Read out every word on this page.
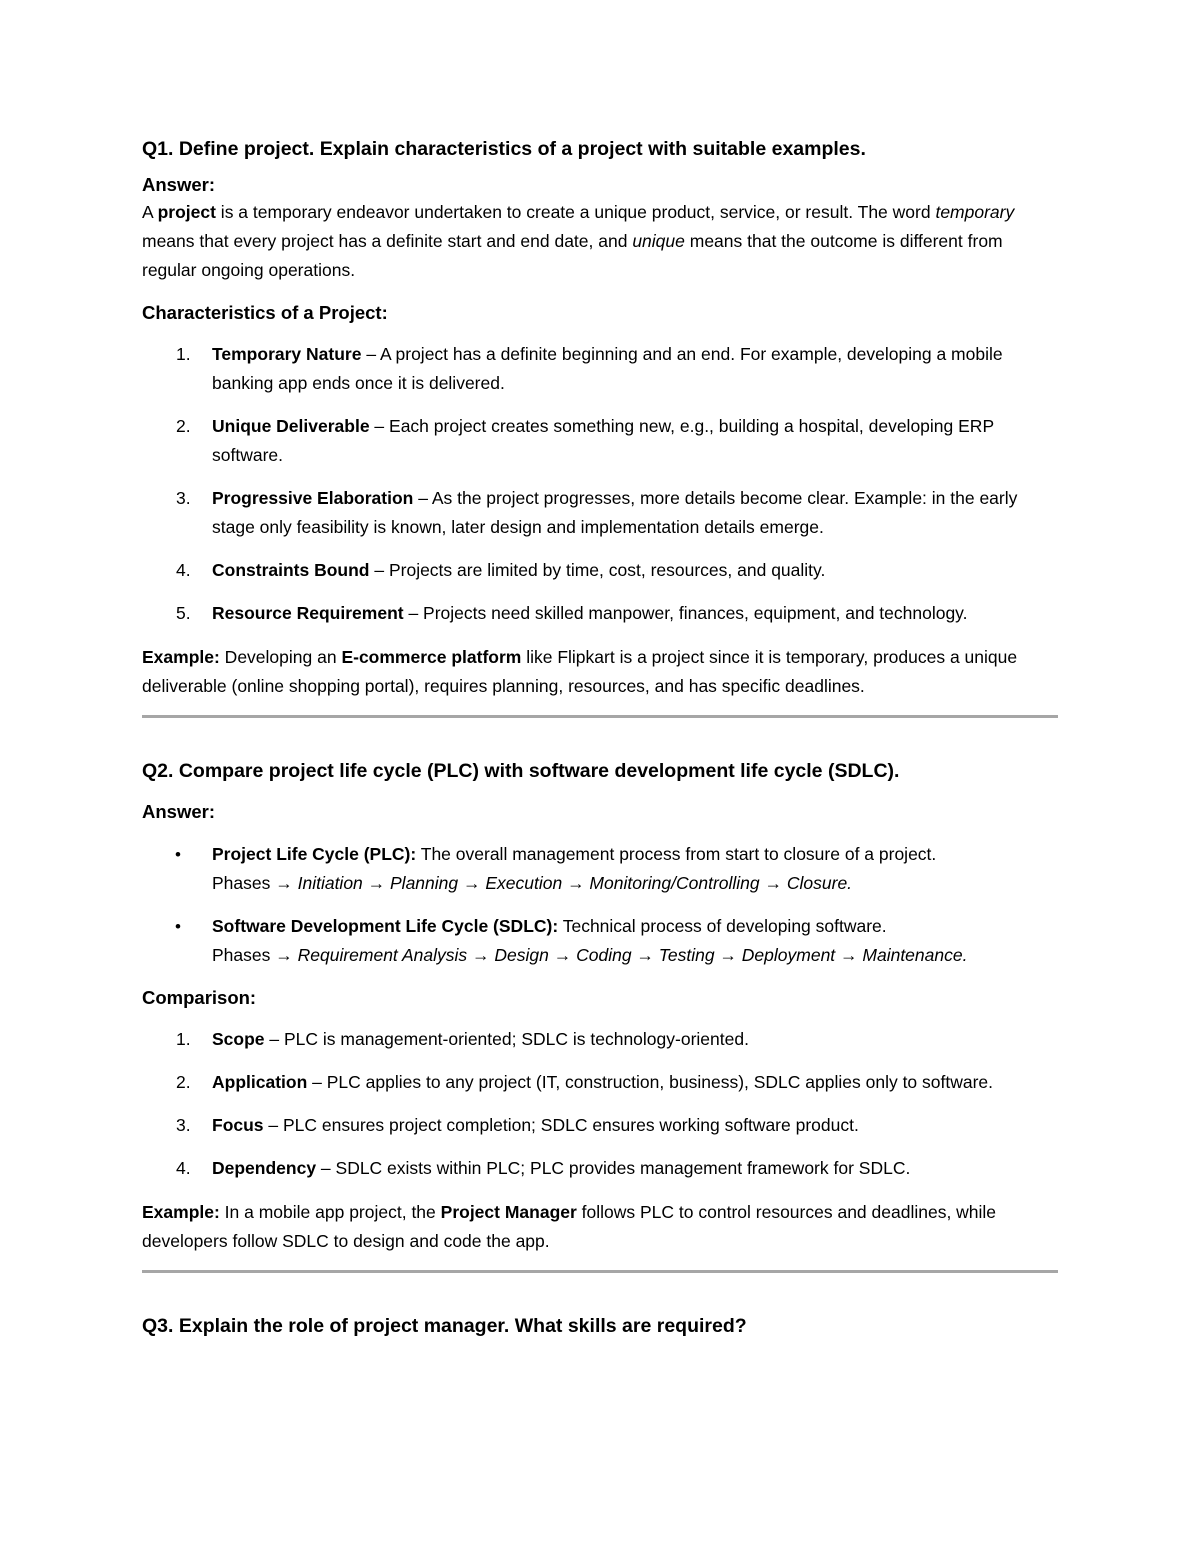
Q1. Define project. Explain characteristics of a project with suitable examples.

Answer:

A project is a temporary endeavor undertaken to create a unique product, service, or result. The word temporary means that every project has a definite start and end date, and unique means that the outcome is different from regular ongoing operations.

Characteristics of a Project:

1. Temporary Nature – A project has a definite beginning and an end. For example, developing a mobile banking app ends once it is delivered.
2. Unique Deliverable – Each project creates something new, e.g., building a hospital, developing ERP software.
3. Progressive Elaboration – As the project progresses, more details become clear. Example: in the early stage only feasibility is known, later design and implementation details emerge.
4. Constraints Bound – Projects are limited by time, cost, resources, and quality.
5. Resource Requirement – Projects need skilled manpower, finances, equipment, and technology.

Example: Developing an E-commerce platform like Flipkart is a project since it is temporary, produces a unique deliverable (online shopping portal), requires planning, resources, and has specific deadlines.

Q2. Compare project life cycle (PLC) with software development life cycle (SDLC).

Answer:

• Project Life Cycle (PLC): The overall management process from start to closure of a project.
Phases → Initiation → Planning → Execution → Monitoring/Controlling → Closure.
• Software Development Life Cycle (SDLC): Technical process of developing software.
Phases → Requirement Analysis → Design → Coding → Testing → Deployment → Maintenance.

Comparison:

1. Scope – PLC is management-oriented; SDLC is technology-oriented.
2. Application – PLC applies to any project (IT, construction, business), SDLC applies only to software.
3. Focus – PLC ensures project completion; SDLC ensures working software product.
4. Dependency – SDLC exists within PLC; PLC provides management framework for SDLC.

Example: In a mobile app project, the Project Manager follows PLC to control resources and deadlines, while developers follow SDLC to design and code the app.

Q3. Explain the role of project manager. What skills are required?
